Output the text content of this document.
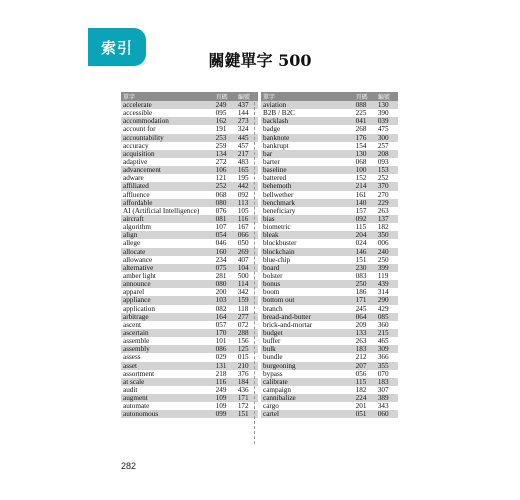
索引
關鍵單字 500
單字	頁碼	編號
accelerate	249	437
accessible	095	144
accommodation	162	273
account for	191	324
accountability	253	445
accuracy	259	457
acquisition	134	217
adaptive	272	483
advancement	106	165
adware	121	195
affiliated	252	442
affluence	068	092
affordable	080	113
AI (Artificial Intelligence)	076	105
aircraft	081	116
algorithm	107	167
align	054	066
allege	046	050
allocate	160	269
allowance	234	407
alternative	075	104
amber light	281	500
announce	080	114
apparel	200	342
appliance	103	159
application	082	118
arbitrage	164	277
ascent	057	072
ascertain	170	288
assemble	101	156
assembly	086	125
assess	029	015
asset	131	210
assortment	218	376
at scale	116	184
audit	249	436
augment	109	171
automate	109	172
autonomous	099	151
單字	頁碼	編號
aviation	088	130
B2B / B2C	225	390
backlash	041	039
badge	268	475
banknote	176	300
bankrupt	154	257
bar	130	208
barter	068	093
baseline	100	153
battered	152	252
behemoth	214	370
bellwether	161	270
benchmark	140	229
beneficiary	157	263
bias	092	137
biometric	115	182
bleak	204	350
blockbuster	024	006
blockchain	146	240
blue-chip	151	250
board	230	399
bolster	083	119
bonus	250	439
boom	186	314
bottom out	171	290
branch	245	429
bread-and-butter	064	085
brick-and-mortar	209	360
budget	133	215
buffer	263	465
bulk	183	309
bundle	212	366
burgeoning	207	355
bypass	056	070
calibrate	115	183
campaign	182	307
cannibalize	224	389
cargo	201	343
cartel	051	060
282
